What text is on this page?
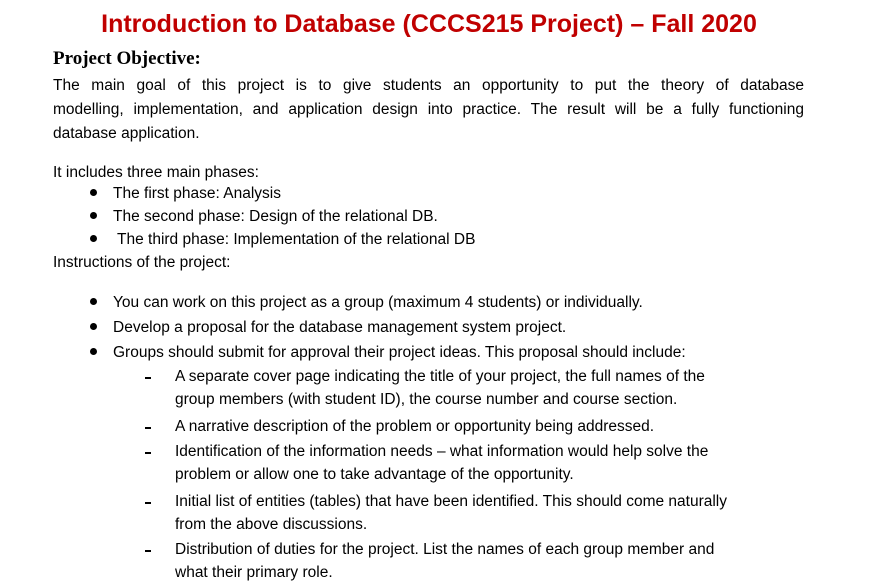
Introduction to Database (CCCS215 Project) – Fall 2020
Project Objective:
The main goal of this project is to give students an opportunity to put the theory of database
modelling, implementation, and application design into practice. The result will be a fully functioning
database application.
It includes three main phases:
The first phase: Analysis
The second phase: Design of the relational DB.
The third phase: Implementation of the relational DB
Instructions of the project:
You can work on this project as a group (maximum 4 students) or individually.
Develop a proposal for the database management system project.
Groups should submit for approval their project ideas. This proposal should include:
A separate cover page indicating the title of your project, the full names of the
group members (with student ID), the course number and course section.
A narrative description of the problem or opportunity being addressed.
Identification of the information needs – what information would help solve the
problem or allow one to take advantage of the opportunity.
Initial list of entities (tables) that have been identified. This should come naturally
from the above discussions.
Distribution of duties for the project. List the names of each group member and
what their primary role.
